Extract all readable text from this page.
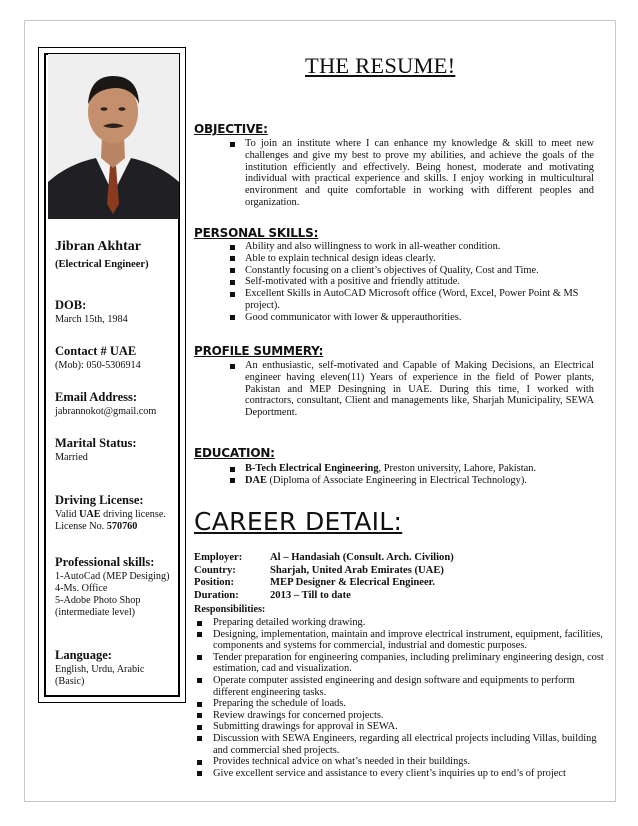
Jibran Akhtar
(Electrical Engineer)
DOB:
March 15th, 1984
Contact # UAE
(Mob): 050-5306914
Email Address:
jabrannokot@gmail.com
Marital Status:
Married
Driving License:
Valid UAE driving license.
License No. 570760
Professional skills:
1-AutoCad (MEP Desiging)
4-Ms. Office
5-Adobe Photo Shop
(intermediate level)
Language:
English, Urdu, Arabic
(Basic)
THE RESUME!
OBJECTIVE:
To join an institute where I can enhance my knowledge & skill to meet new challenges and give my best to prove my abilities, and achieve the goals of the institution efficiently and effectively. Being honest, moderate and motivating individual with practical experience and skills. I enjoy working in multicultural environment and quite comfortable in working with different peoples and organization.
PERSONAL SKILLS:
Ability and also willingness to work in all-weather condition.
Able to explain technical design ideas clearly.
Constantly focusing on a client’s objectives of Quality, Cost and Time.
Self-motivated with a positive and friendly attitude.
Excellent Skills in AutoCAD Microsoft office (Word, Excel, Power Point & MS project).
Good communicator with lower & upperauthorities.
PROFILE SUMMERY:
An enthusiastic, self-motivated and Capable of Making Decisions, an Electrical engineer having eleven(11) Years of experience in the field of Power plants, Pakistan and MEP Desingning in UAE. During this time, I worked with contractors, consultant, Client and managements like, Sharjah Municipality, SEWA Deportment.
EDUCATION:
B-Tech Electrical Engineering, Preston university, Lahore, Pakistan.
DAE (Diploma of Associate Engineering in Electrical Technology).
CAREER DETAIL:
Employer:	Al – Handasiah (Consult. Arch. Civilion)
Country:	Sharjah, United Arab Emirates (UAE)
Position:	MEP Designer & Elecrical Engineer.
Duration:	2013 – Till to date
Responsibilities:
Preparing detailed working drawing.
Designing, implementation, maintain and improve electrical instrument, equipment, facilities, components and systems for commercial, industrial and domestic purposes.
Tender preparation for engineering companies, including preliminary engineering design, cost estimation, cad and visualization.
Operate computer assisted engineering and design software and equipments to perform different engineering tasks.
Preparing the schedule of loads.
Review drawings for concerned projects.
Submitting drawings for approval in SEWA.
Discussion with SEWA Engineers, regarding all electrical projects including Villas, building and commercial shed projects.
Provides technical advice on what’s needed in their buildings.
Give excellent service and assistance to every client’s inquiries up to end’s of project
